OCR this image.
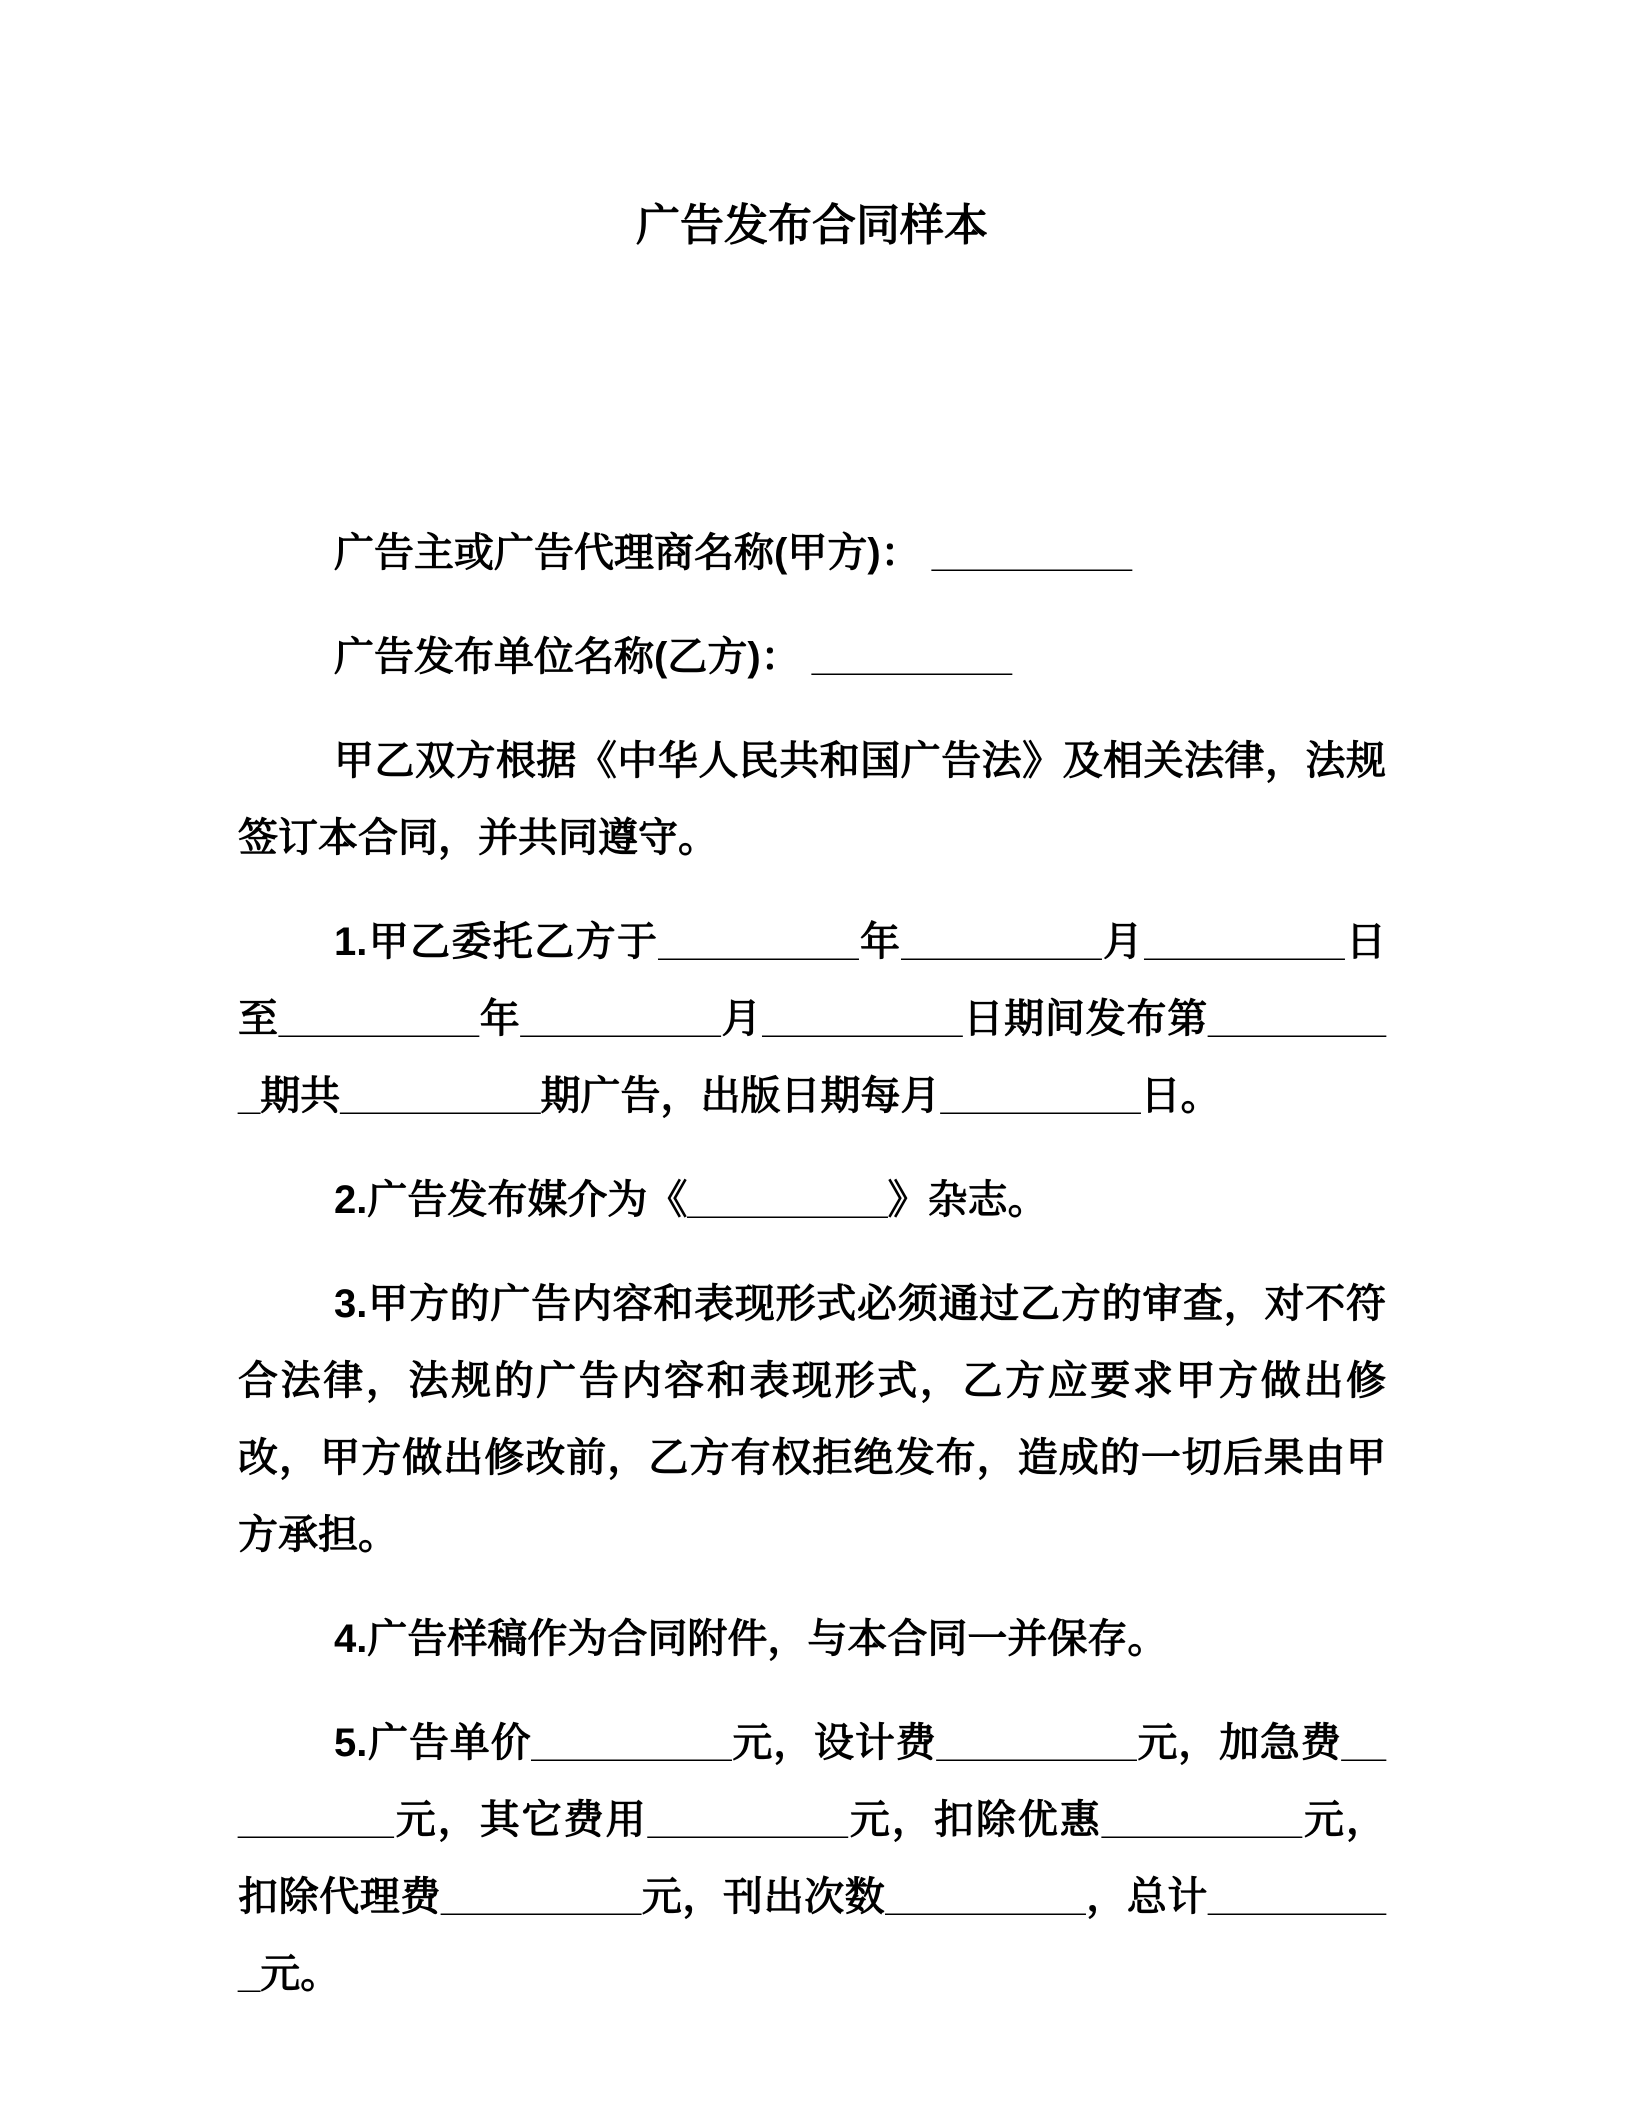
广告发布合同样本

广告主或广告代理商名称(甲方)： _________

广告发布单位名称(乙方)： _________

甲乙双方根据《中华人民共和国广告法》及相关法律，法规签订本合同，并共同遵守。

1.甲乙委托乙方于_________年_________月_________日至_________年_________月_________日期间发布第_________期共_________期广告，出版日期每月_________日。

2.广告发布媒介为《_________》杂志。

3.甲方的广告内容和表现形式必须通过乙方的审查，对不符合法律，法规的广告内容和表现形式，乙方应要求甲方做出修改，甲方做出修改前，乙方有权拒绝发布，造成的一切后果由甲方承担。

4.广告样稿作为合同附件，与本合同一并保存。

5.广告单价_________元，设计费_________元，加急费_________元，其它费用_________元，扣除优惠_________元，扣除代理费_________元，刊出次数_________，总计_________元。
